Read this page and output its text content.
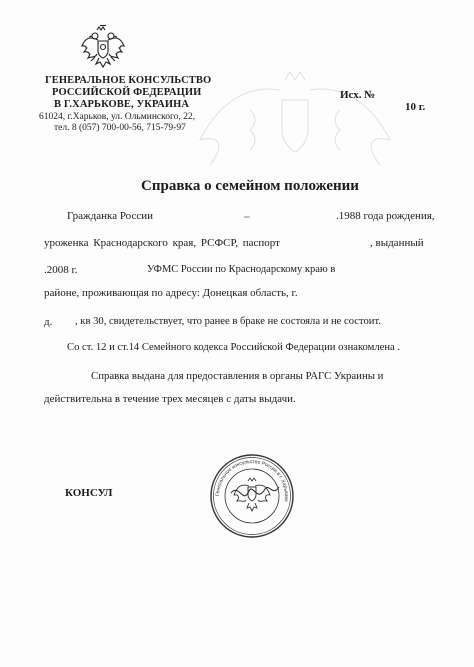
ГЕНЕРАЛЬНОЕ КОНСУЛЬСТВО
РОССИЙСКОЙ ФЕДЕРАЦИИ
В Г.ХАРЬКОВЕ, УКРАИНА
61024, г.Харьков, ул. Ольминского, 22,
тел. 8 (057) 700-00-56, 715-79-97
Исх. №
10 г.
Справка о семейном положении
Гражданка России	.1988 года рождения,
уроженка Краснодарского края, РСФСР, паспорт	, выданный
.2008 г.	УФМС России по Краснодарскому краю в
районе, проживающая по адресу: Донецкая область, г.
д. , кв 30, свидетельствует, что ранее в браке не состояла и не состоит.
Со ст. 12 и ст.14 Семейного кодекса Российской Федерации ознакомлена .
Справка выдана для предоставления в органы РАГС Украины и
действительна в течение трех месяцев с даты выдачи.
КОНСУЛ	Генеральное консульство России в г. Харькове
